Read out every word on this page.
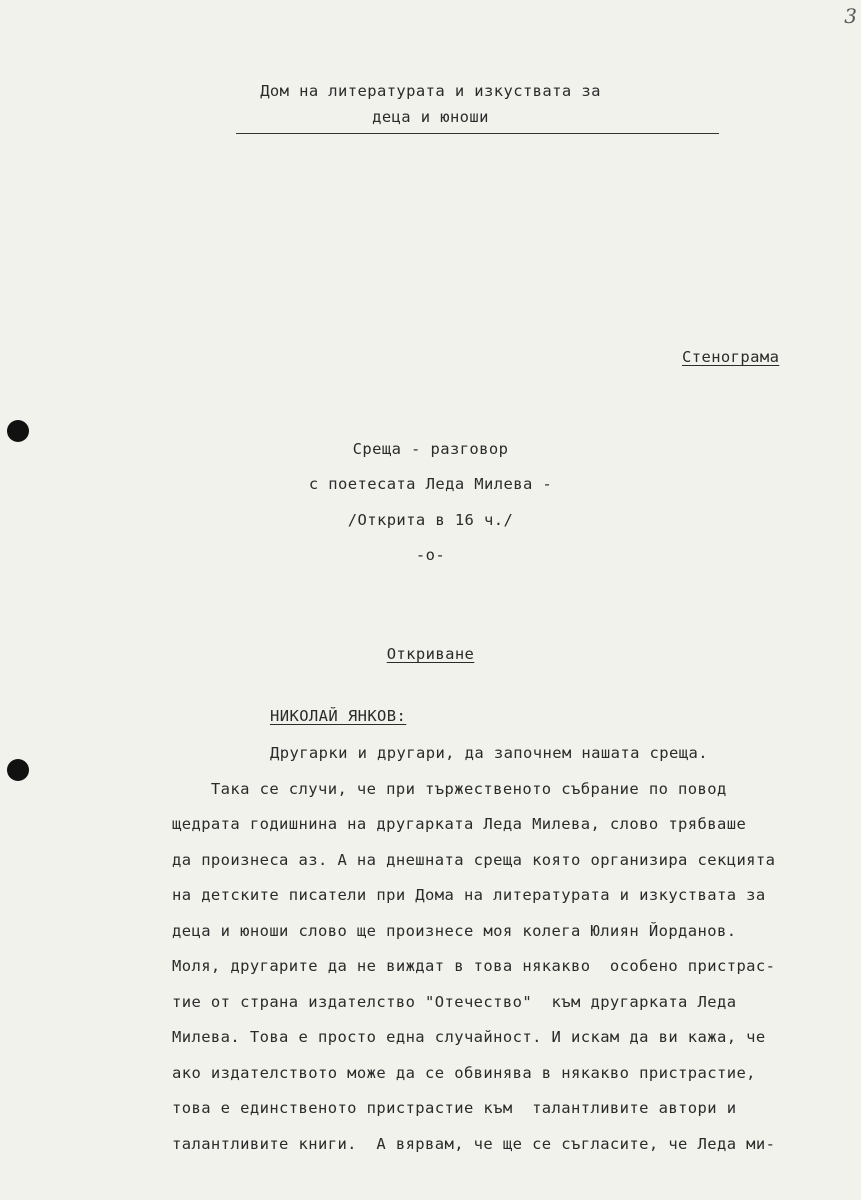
3
Дом на литературата и изкуствата за
деца и юноши
Стенограма
Среща - разговор
с поетесата Леда Милева -
/Открита в 16 ч./
-о-
Откриване
НИКОЛАЙ ЯНКОВ:
Другарки и другари, да започнем нашата среща.
Така се случи, че при тържественото събрание по повод
щедрата годишнина на другарката Леда Милева, слово трябваше
да произнеса аз. А на днешната среща която организира секцията
на детските писатели при Дома на литературата и изкуствата за
деца и юноши слово ще произнесе моя колега Юлиян Йорданов.
Моля, другарите да не виждат в това някакво  особено пристрас-
тие от страна издателство "Отечество"  към другарката Леда
Милева. Това е просто една случайност. И искам да ви кажа, че
ако издателството може да се обвинява в някакво пристрастие,
това е единственото пристрастие към  талантливите автори и
талантливите книги.  А вярвам, че ще се съгласите, че Леда ми-
